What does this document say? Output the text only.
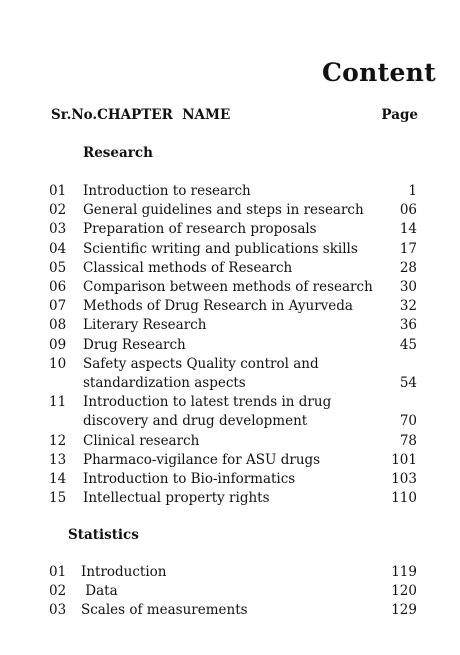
Content
Sr.No.CHAPTER  NAME	Page
Research
Statistics
01 Introduction to research	1
02 General guidelines and steps in research	06
03 Preparation of research proposals	14
04 Scientific writing and publications skills	17
05 Classical methods of Research	28
06 Comparison between methods of research 30
07 Methods of Drug Research in Ayurveda	32
08 Literary Research	36
09 Drug Research	45
10 Safety aspects Quality control and
standardization aspects	54
11 Introduction to latest trends in drug
discovery and drug development	70
12 Clinical research	78
13 Pharmaco-vigilance for ASU drugs	101
14 Introduction to Bio-informatics	103
15 Intellectual property rights	110
01 Introduction	119
02 Data	120
03 Scales of measurements	129
